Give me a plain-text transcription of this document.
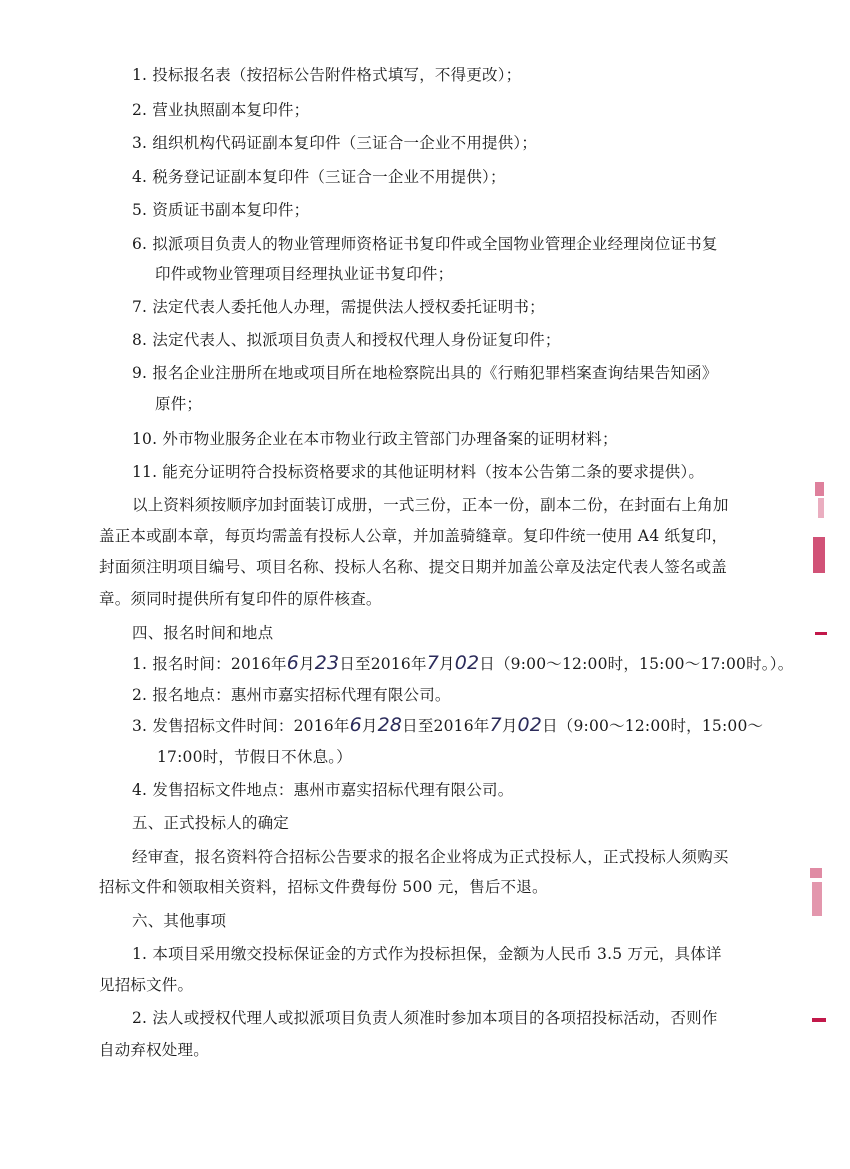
1. 投标报名表（按招标公告附件格式填写，不得更改）；
2. 营业执照副本复印件；
3. 组织机构代码证副本复印件（三证合一企业不用提供）；
4. 税务登记证副本复印件（三证合一企业不用提供）；
5. 资质证书副本复印件；
6. 拟派项目负责人的物业管理师资格证书复印件或全国物业管理企业经理岗位证书复
印件或物业管理项目经理执业证书复印件；
7. 法定代表人委托他人办理，需提供法人授权委托证明书；
8. 法定代表人、拟派项目负责人和授权代理人身份证复印件；
9. 报名企业注册所在地或项目所在地检察院出具的《行贿犯罪档案查询结果告知函》
原件；
10. 外市物业服务企业在本市物业行政主管部门办理备案的证明材料；
11. 能充分证明符合投标资格要求的其他证明材料（按本公告第二条的要求提供）。
以上资料须按顺序加封面装订成册，一式三份，正本一份，副本二份，在封面右上角加
盖正本或副本章，每页均需盖有投标人公章，并加盖骑缝章。复印件统一使用 A4 纸复印，
封面须注明项目编号、项目名称、投标人名称、提交日期并加盖公章及法定代表人签名或盖
章。须同时提供所有复印件的原件核查。
四、报名时间和地点
1. 报名时间：2016年6月23日至2016年7月02日（9:00～12:00时，15:00～17:00时。）。
2. 报名地点：惠州市嘉实招标代理有限公司。
3. 发售招标文件时间：2016年6月28日至2016年7月02日（9:00～12:00时，15:00～
17:00时，节假日不休息。）
4. 发售招标文件地点：惠州市嘉实招标代理有限公司。
五、正式投标人的确定
经审查，报名资料符合招标公告要求的报名企业将成为正式投标人，正式投标人须购买
招标文件和领取相关资料，招标文件费每份 500 元，售后不退。
六、其他事项
1. 本项目采用缴交投标保证金的方式作为投标担保，金额为人民币 3.5 万元，具体详
见招标文件。
2. 法人或授权代理人或拟派项目负责人须准时参加本项目的各项招投标活动，否则作
自动弃权处理。
